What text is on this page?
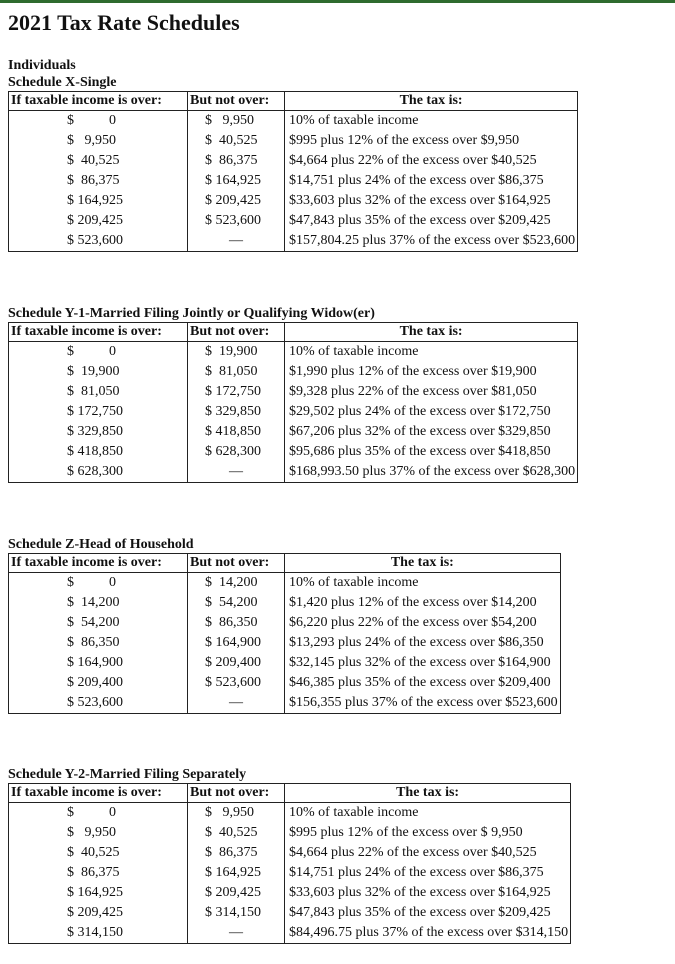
2021 Tax Rate Schedules
Individuals
Schedule X-Single
If taxable income is over:	But not over:	The tax is:
$          0	$   9,950	10% of taxable income
$   9,950	$  40,525	$995 plus 12% of the excess over $9,950
$  40,525	$  86,375	$4,664 plus 22% of the excess over $40,525
$  86,375	$ 164,925	$14,751 plus 24% of the excess over $86,375
$ 164,925	$ 209,425	$33,603 plus 32% of the excess over $164,925
$ 209,425	$ 523,600	$47,843 plus 35% of the excess over $209,425
$ 523,600	—	$157,804.25 plus 37% of the excess over $523,600
Schedule Y-1-Married Filing Jointly or Qualifying Widow(er)
If taxable income is over:	But not over:	The tax is:
$          0	$  19,900	10% of taxable income
$  19,900	$  81,050	$1,990 plus 12% of the excess over $19,900
$  81,050	$ 172,750	$9,328 plus 22% of the excess over $81,050
$ 172,750	$ 329,850	$29,502 plus 24% of the excess over $172,750
$ 329,850	$ 418,850	$67,206 plus 32% of the excess over $329,850
$ 418,850	$ 628,300	$95,686 plus 35% of the excess over $418,850
$ 628,300	—	$168,993.50 plus 37% of the excess over $628,300
Schedule Z-Head of Household
If taxable income is over:	But not over:	The tax is:
$          0	$  14,200	10% of taxable income
$  14,200	$  54,200	$1,420 plus 12% of the excess over $14,200
$  54,200	$  86,350	$6,220 plus 22% of the excess over $54,200
$  86,350	$ 164,900	$13,293 plus 24% of the excess over $86,350
$ 164,900	$ 209,400	$32,145 plus 32% of the excess over $164,900
$ 209,400	$ 523,600	$46,385 plus 35% of the excess over $209,400
$ 523,600	—	$156,355 plus 37% of the excess over $523,600
Schedule Y-2-Married Filing Separately
If taxable income is over:	But not over:	The tax is:
$          0	$   9,950	10% of taxable income
$   9,950	$  40,525	$995 plus 12% of the excess over $ 9,950
$  40,525	$  86,375	$4,664 plus 22% of the excess over $40,525
$  86,375	$ 164,925	$14,751 plus 24% of the excess over $86,375
$ 164,925	$ 209,425	$33,603 plus 32% of the excess over $164,925
$ 209,425	$ 314,150	$47,843 plus 35% of the excess over $209,425
$ 314,150	—	$84,496.75 plus 37% of the excess over $314,150
